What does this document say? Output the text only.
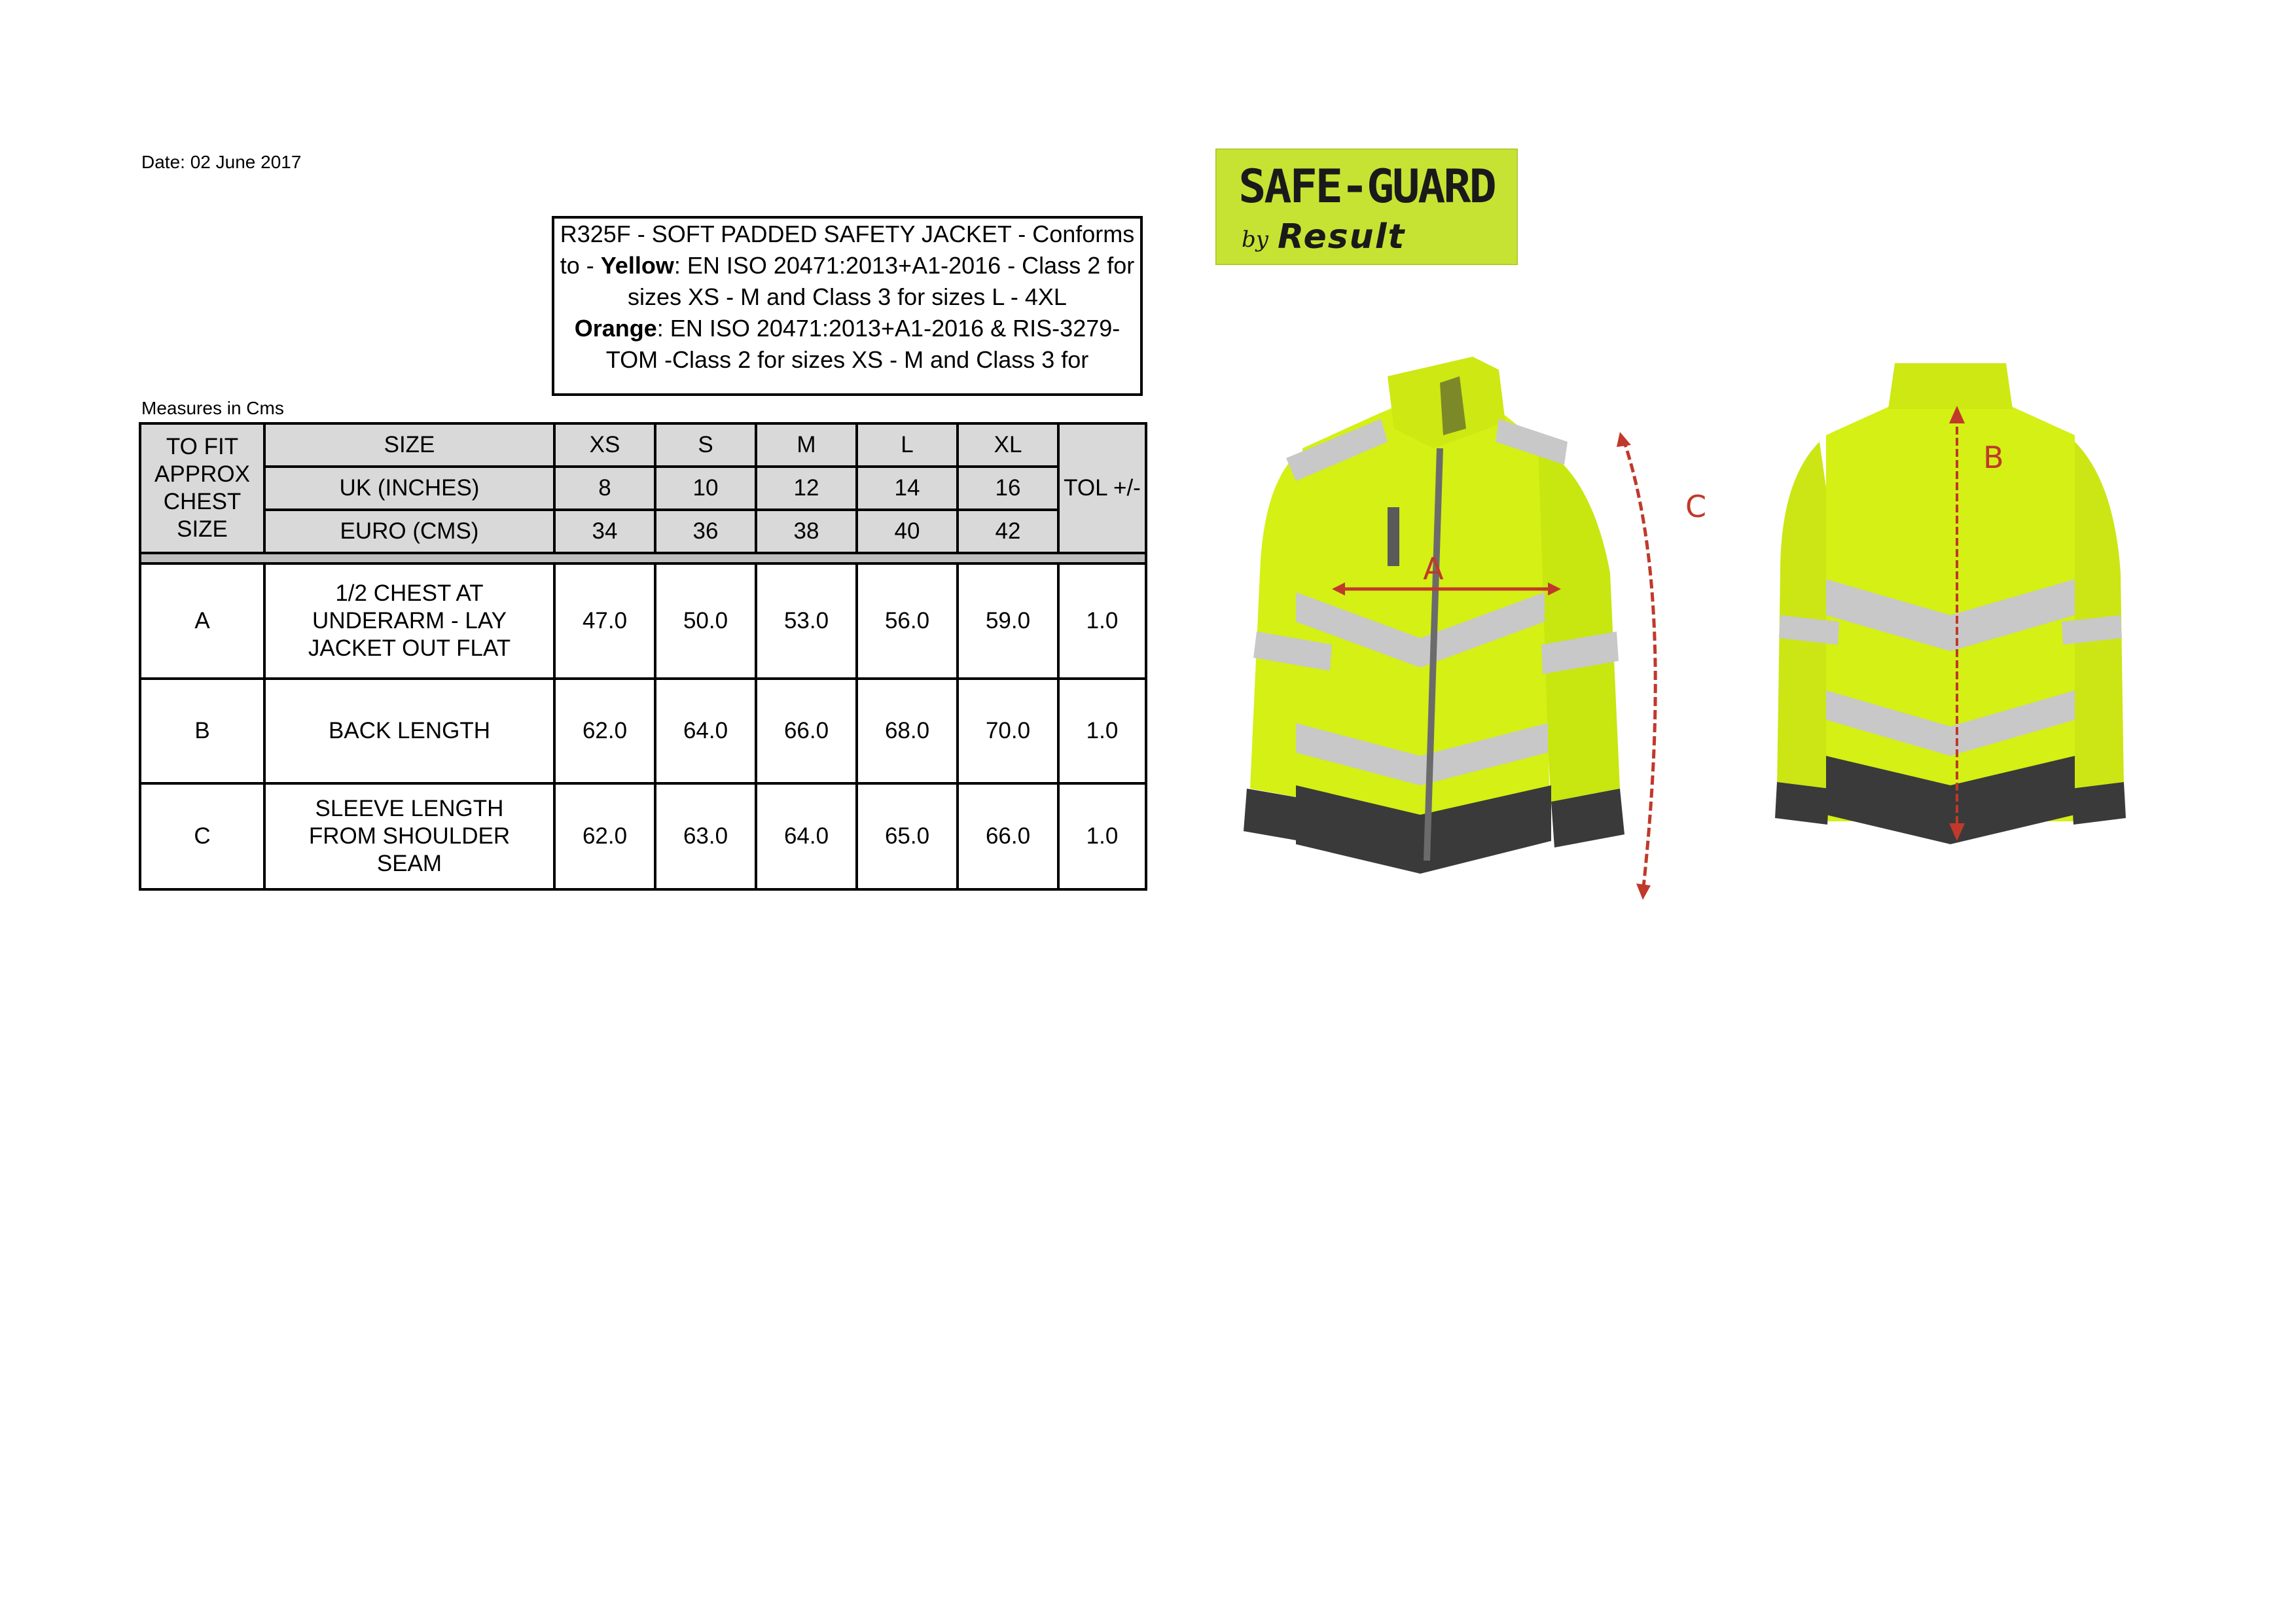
Date: 02 June 2017
Measures in Cms
R325F - SOFT PADDED SAFETY JACKET - Conforms to - Yellow: EN ISO 20471:2013+A1-2016 - Class 2 for sizes XS - M and Class 3 for sizes L - 4XL
Orange: EN ISO 20471:2013+A1-2016 & RIS-3279-TOM -Class 2 for sizes XS - M and Class 3 for
TO FIT APPROX CHEST SIZE	SIZE	XS	S	M	L	XL	TOL +/-
	UK (INCHES)	8	10	12	14	16	
	EURO (CMS)	34	36	38	40	42	

A	1/2 CHEST AT UNDERARM - LAY JACKET OUT FLAT	47.0	50.0	53.0	56.0	59.0	1.0
B	BACK LENGTH	62.0	64.0	66.0	68.0	70.0	1.0
C	SLEEVE LENGTH FROM SHOULDER SEAM	62.0	63.0	64.0	65.0	66.0	1.0
SAFE-GUARD
by Result
A
C
B
